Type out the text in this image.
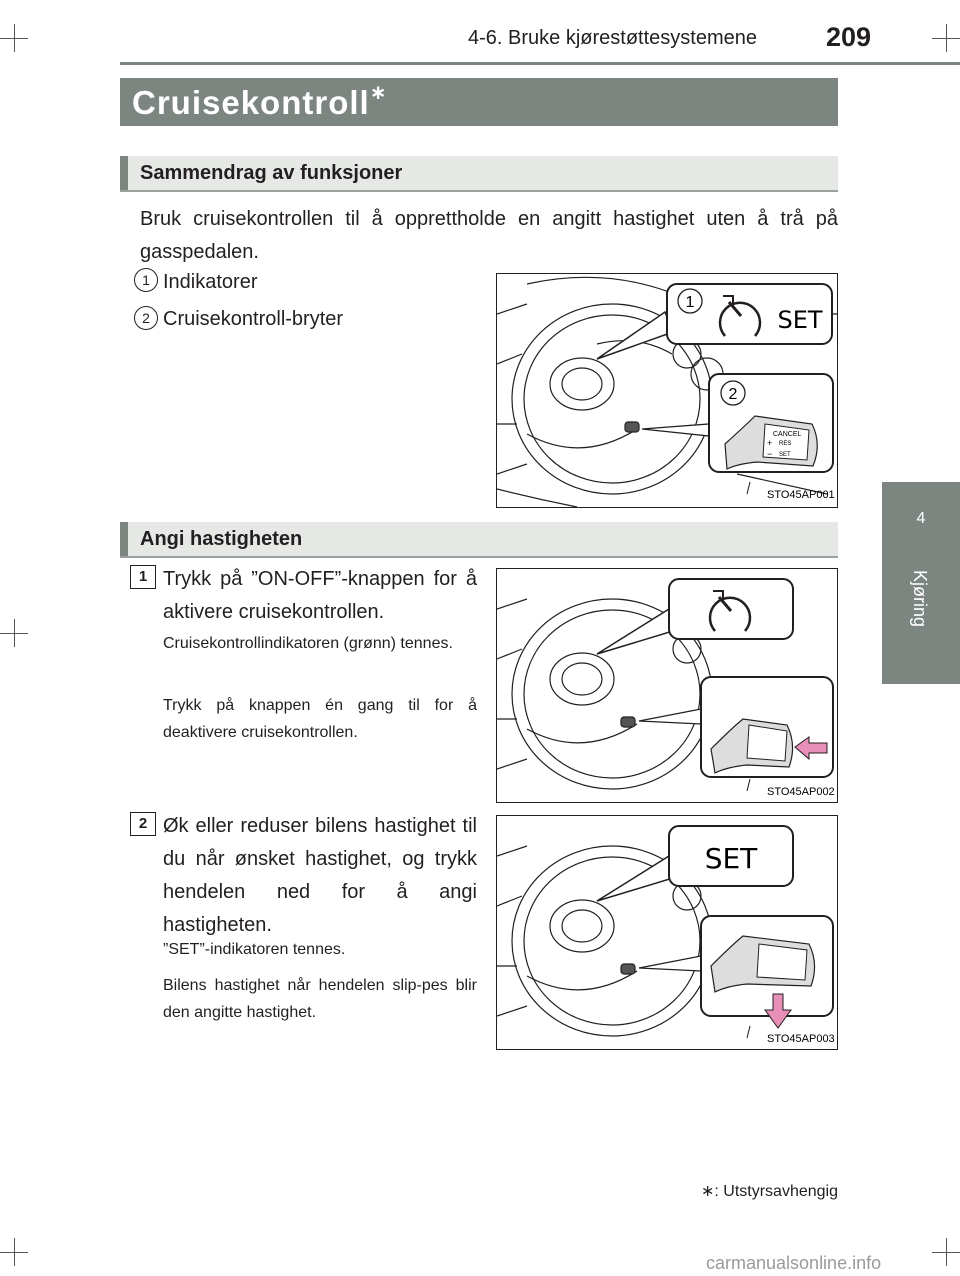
4-6. Bruke kjørestøttesystemene	209
4
Kjøring
Cruisekontroll∗
Sammendrag av funksjoner
Bruk cruisekontrollen til å opprettholde en angitt hastighet uten å trå på gasspedalen.
1 Indikatorer
2 Cruisekontroll-bryter
1
SET
2
CANCEL
+ RES
− SET
STO45AP001
Angi hastigheten
1 Trykk på ”ON-OFF”-knappen for å aktivere cruisekontrollen.
Cruisekontrollindikatoren (grønn) tennes.
Trykk på knappen én gang til for å deaktivere cruisekontrollen.
STO45AP002
2 Øk eller reduser bilens hastighet til du når ønsket hastighet, og trykk hendelen ned for å angi hastigheten.
”SET”-indikatoren tennes.
Bilens hastighet når hendelen slip-pes blir den angitte hastighet.
SET
STO45AP003
∗: Utstyrsavhengig
carmanualsonline.info
